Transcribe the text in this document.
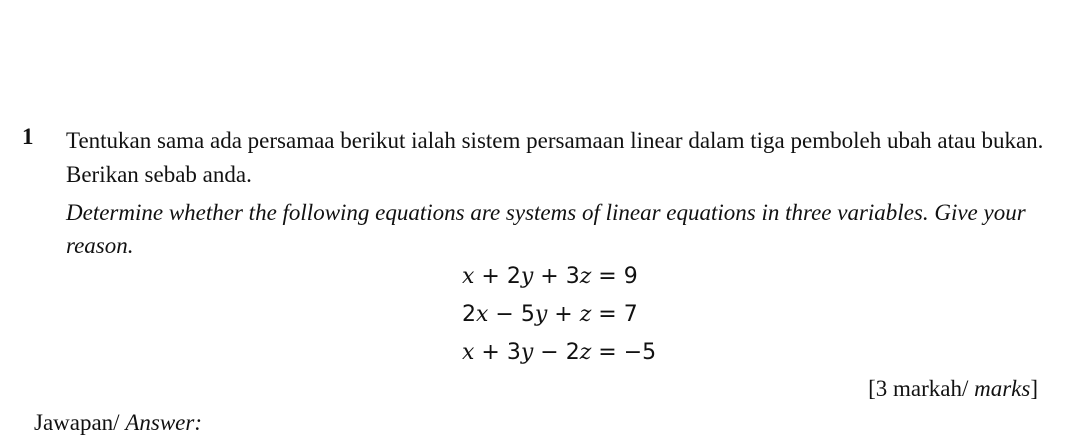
1 Tentukan sama ada persamaa berikut ialah sistem persamaan linear dalam tiga pemboleh ubah atau bukan. Berikan sebab anda.
Determine whether the following equations are systems of linear equations in three variables. Give your reason.
x + 2y + 3z = 9
2x − 5y + z = 7
x + 3y − 2z = −5
[3 markah/ marks]
Jawapan/ Answer:
